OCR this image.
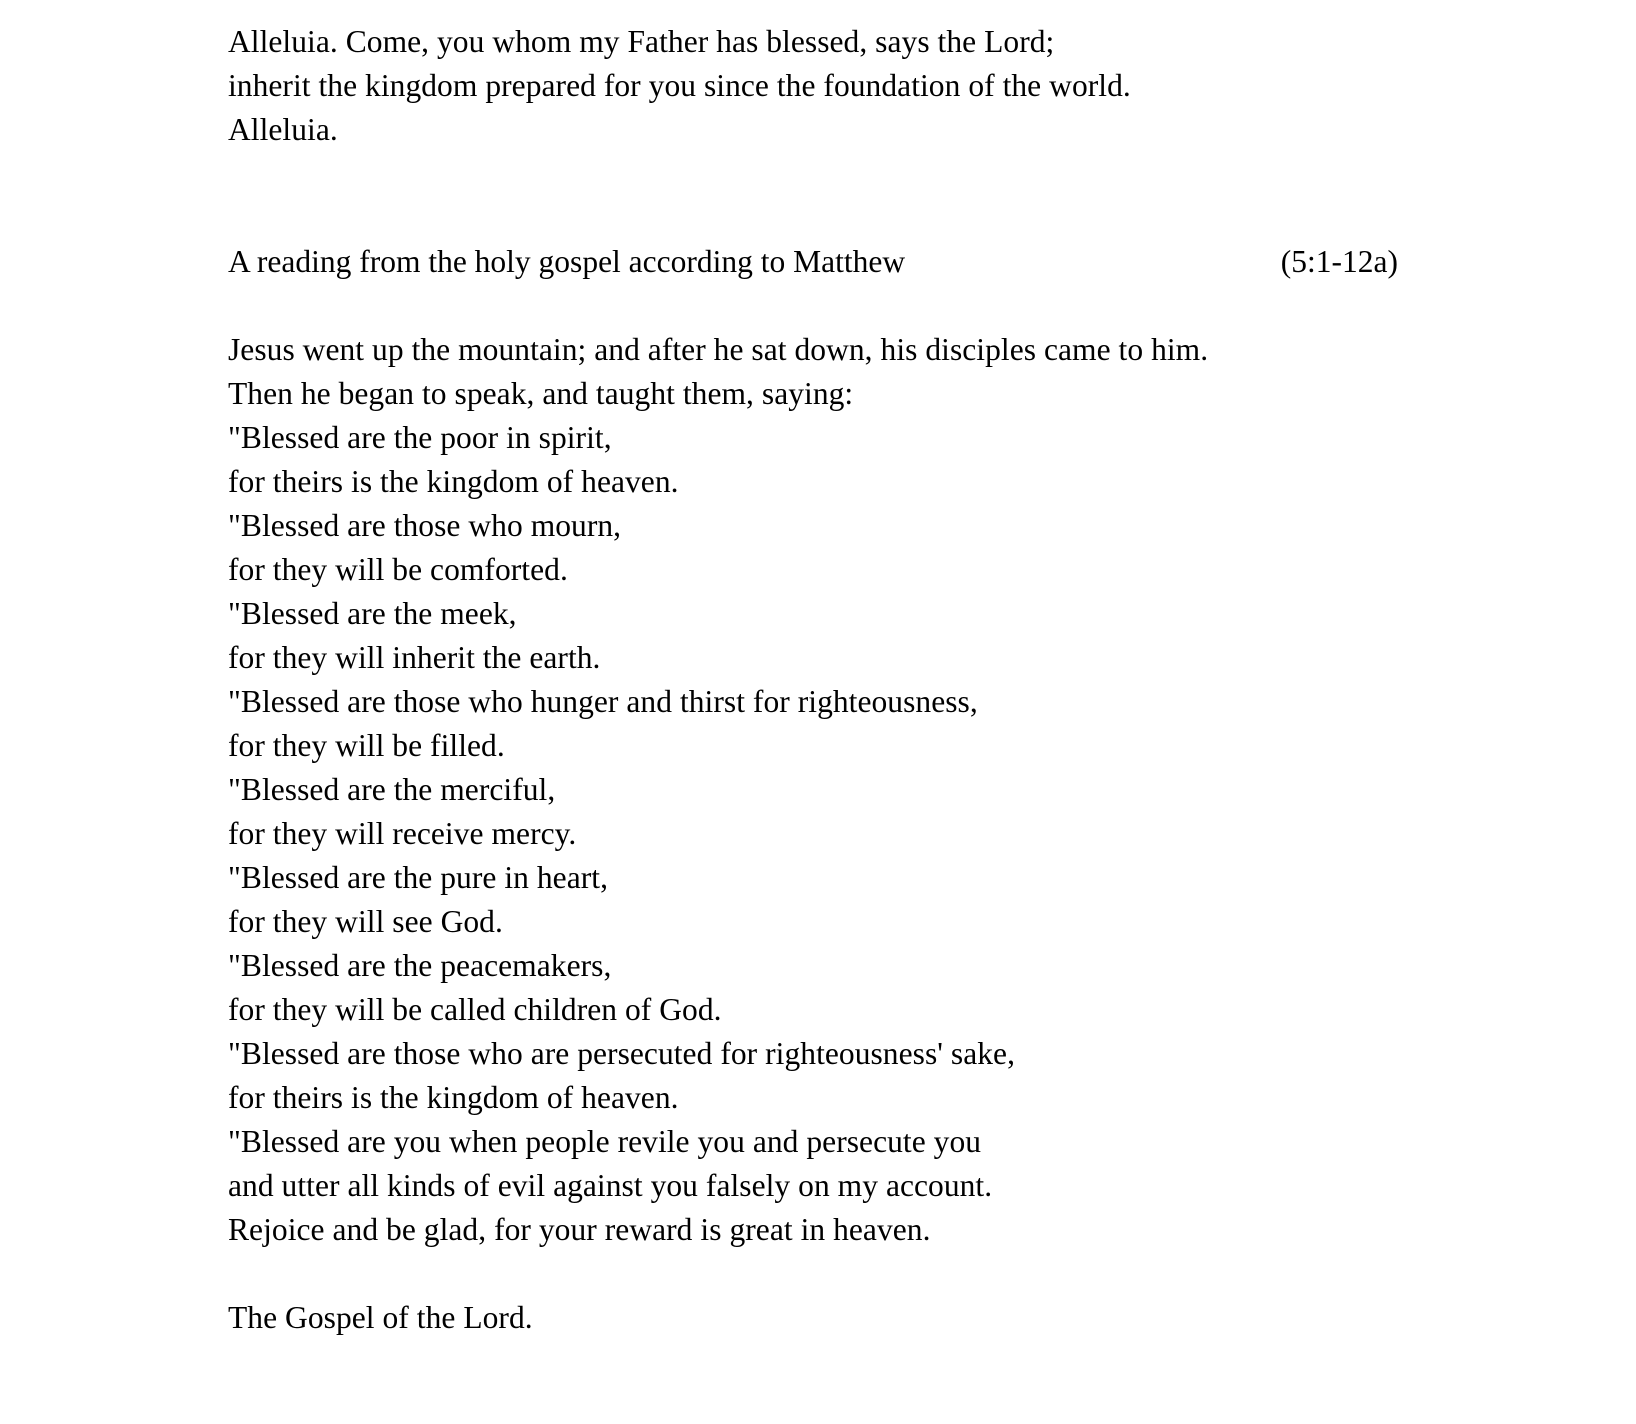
Alleluia. Come, you whom my Father has blessed, says the Lord;
inherit the kingdom prepared for you since the foundation of the world.
Alleluia.

A reading from the holy gospel according to Matthew	(5:1-12a)

Jesus went up the mountain; and after he sat down, his disciples came to him.
Then he began to speak, and taught them, saying:
"Blessed are the poor in spirit,
for theirs is the kingdom of heaven.
"Blessed are those who mourn,
for they will be comforted.
"Blessed are the meek,
for they will inherit the earth.
"Blessed are those who hunger and thirst for righteousness,
for they will be filled.
"Blessed are the merciful,
for they will receive mercy.
"Blessed are the pure in heart,
for they will see God.
"Blessed are the peacemakers,
for they will be called children of God.
"Blessed are those who are persecuted for righteousness' sake,
for theirs is the kingdom of heaven.
"Blessed are you when people revile you and persecute you
and utter all kinds of evil against you falsely on my account.
Rejoice and be glad, for your reward is great in heaven.

The Gospel of the Lord.
